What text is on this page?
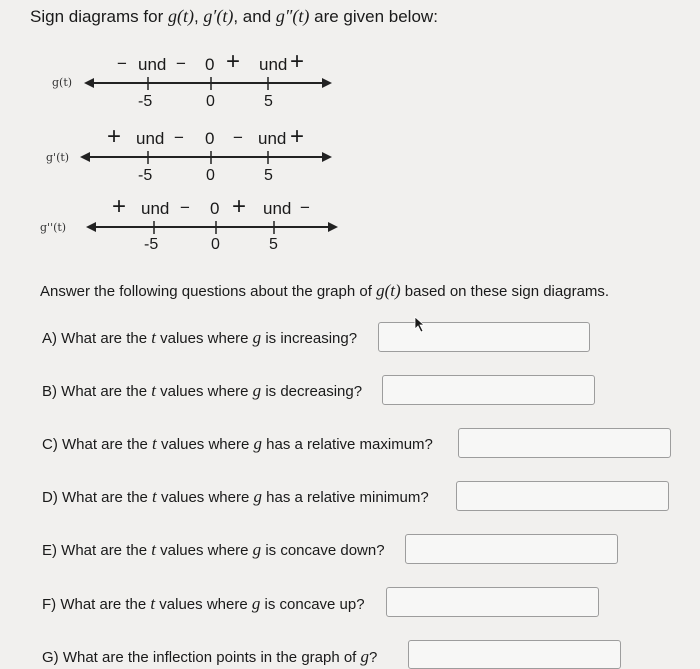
Sign diagrams for g(t), g′(t), and g″(t) are given below:
g(t)
− und − 0 + und +
-5	0	5
g'(t)
+ und − 0 − und +
-5	0	5
g''(t)
+ und − 0 + und −
-5	0	5
Answer the following questions about the graph of g(t) based on these sign diagrams.
A) What are the t values where g is increasing?
B) What are the t values where g is decreasing?
C) What are the t values where g has a relative maximum?
D) What are the t values where g has a relative minimum?
E) What are the t values where g is concave down?
F) What are the t values where g is concave up?
G) What are the inflection points in the graph of g?
